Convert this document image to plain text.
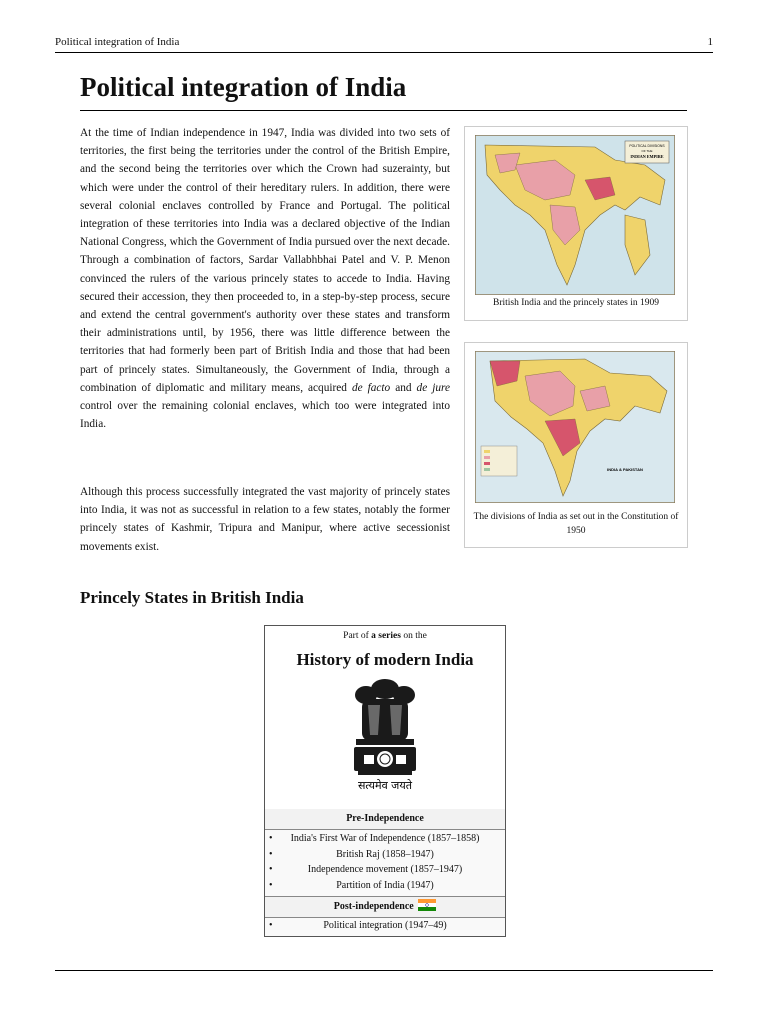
Political integration of India	1
Political integration of India

At the time of Indian independence in 1947, India was divided into two sets of territories, the first being the territories under the control of the British Empire, and the second being the territories over which the Crown had suzerainty, but which were under the control of their hereditary rulers. In addition, there were several colonial enclaves controlled by France and Portugal. The political integration of these territories into India was a declared objective of the Indian National Congress, which the Government of India pursued over the next decade. Through a combination of factors, Sardar Vallabhbhai Patel and V. P. Menon convinced the rulers of the various princely states to accede to India. Having secured their accession, they then proceeded to, in a step-by-step process, secure and extend the central government's authority over these states and transform their administrations until, by 1956, there was little difference between the territories that had formerly been part of British India and those that had been part of princely states. Simultaneously, the Government of India, through a combination of diplomatic and military means, acquired de facto and de jure control over the remaining colonial enclaves, which too were integrated into India.

Although this process successfully integrated the vast majority of princely states into India, it was not as successful in relation to a few states, notably the former princely states of Kashmir, Tripura and Manipur, where active secessionist movements exist.

POLITICAL DIVISIONS
OF THE
INDIAN EMPIRE
British India and the princely states in 1909
INDIA & PAKISTAN
The divisions of India as set out in the Constitution of 1950
Princely States in British India
Part of a series on the
History of modern India
सत्यमेव जयते
Pre-Independence
• India's First War of Independence (1857–1858)
• British Raj (1858–1947)
• Independence movement (1857–1947)
• Partition of India (1947)
Post-independence
• Political integration (1947–49)
